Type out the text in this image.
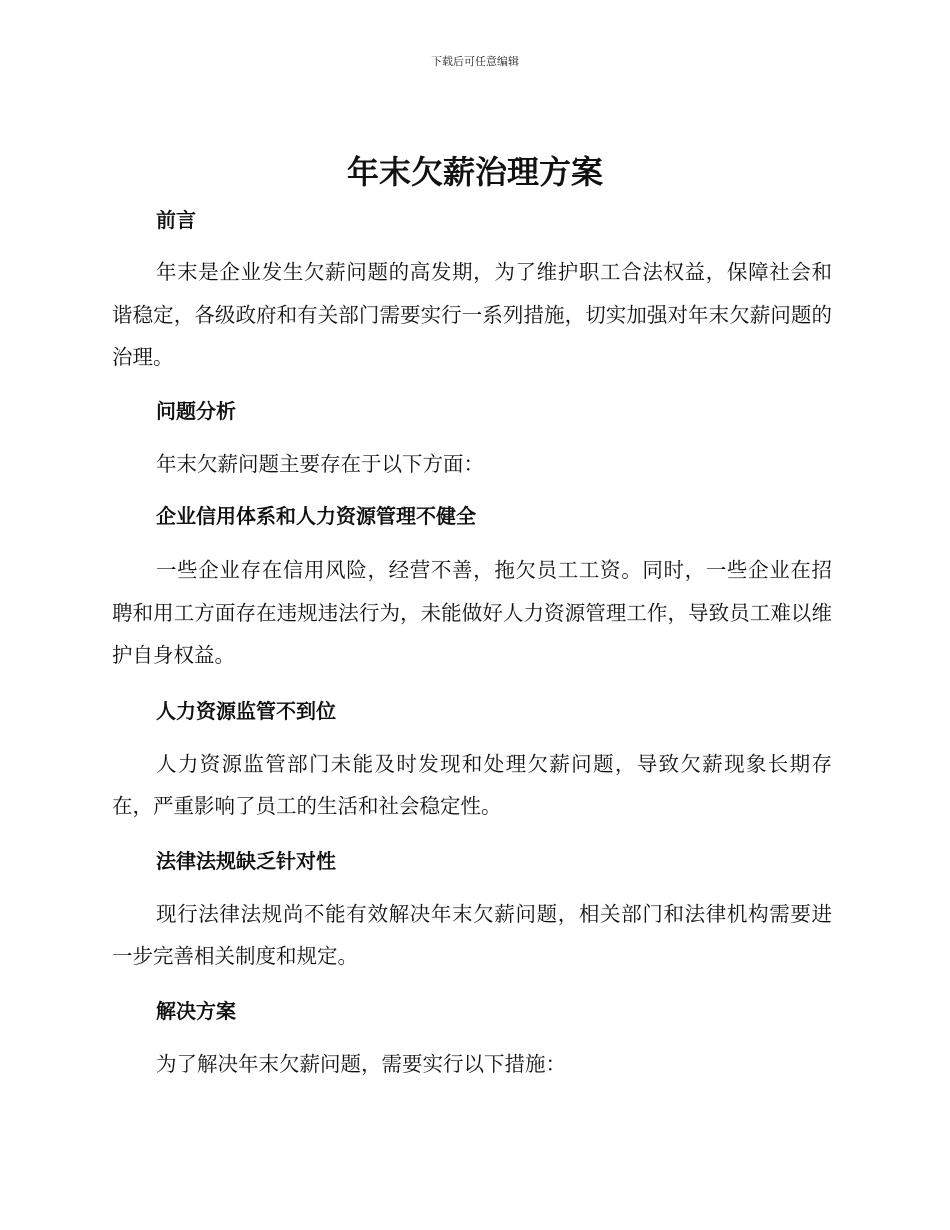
下载后可任意编辑
年末欠薪治理方案
前言
年末是企业发生欠薪问题的高发期，为了维护职工合法权益，保障社会和谐稳定，各级政府和有关部门需要实行一系列措施，切实加强对年末欠薪问题的治理。
问题分析
年末欠薪问题主要存在于以下方面：
企业信用体系和人力资源管理不健全
一些企业存在信用风险，经营不善，拖欠员工工资。同时，一些企业在招聘和用工方面存在违规违法行为，未能做好人力资源管理工作，导致员工难以维护自身权益。
人力资源监管不到位
人力资源监管部门未能及时发现和处理欠薪问题，导致欠薪现象长期存在，严重影响了员工的生活和社会稳定性。
法律法规缺乏针对性
现行法律法规尚不能有效解决年末欠薪问题，相关部门和法律机构需要进一步完善相关制度和规定。
解决方案
为了解决年末欠薪问题，需要实行以下措施：
